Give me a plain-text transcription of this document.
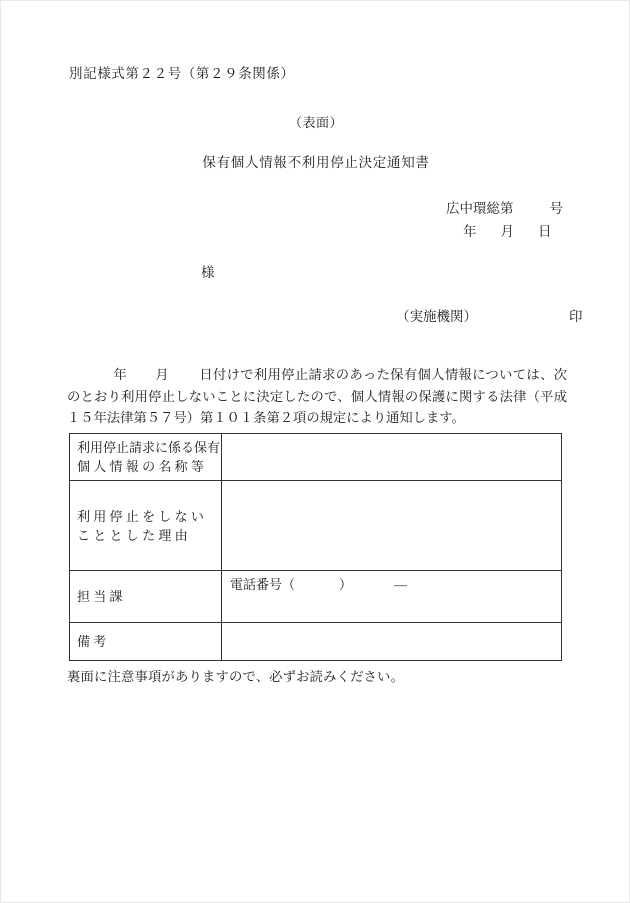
別記様式第２２号（第２９条関係）
（表面）
保有個人情報不利用停止決定通知書
広中環総第	号
年 月 日
様
（実施機関）	印
年 月 日付けで利用停止請求のあった保有個人情報については、次のとおり利用停止しないことに決定したので、個人情報の保護に関する法律（平成１５年法律第５７号）第１０１条第２項の規定により通知します。
利用停止請求に係る保有
個 人 情 報 の 名 称 等	

利 用 停 止 を し な い
こ と と し た 理 由	

担 当 課	電話番号（ ） ―

備 考	

裏面に注意事項がありますので、必ずお読みください。
